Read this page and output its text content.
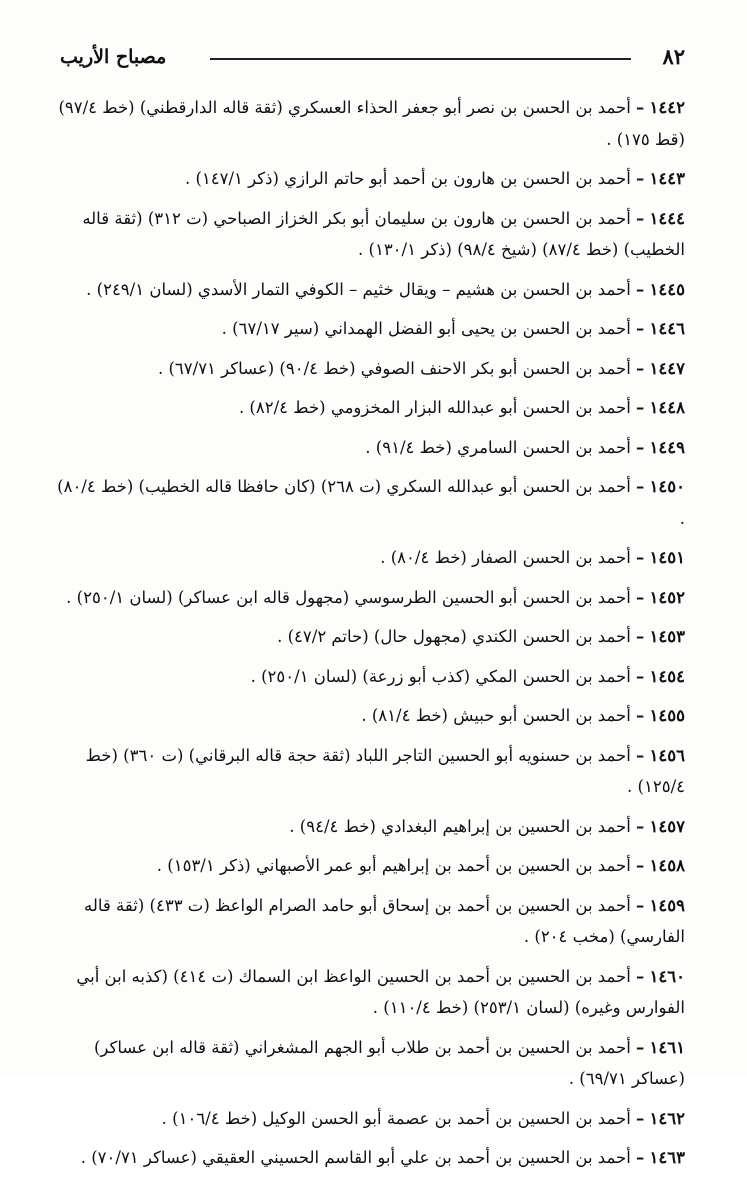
٨٢
مصباح الأريب

١٤٤٢ – أحمد بن الحسن بن نصر أبو جعفر الحذاء العسكري (ثقة قاله الدارقطني) (خط ٩٧/٤) (قط ١٧٥) .

١٤٤٣ – أحمد بن الحسن بن هارون بن أحمد أبو حاتم الرازي (ذكر ١٤٧/١) .

١٤٤٤ – أحمد بن الحسن بن هارون بن سليمان أبو بكر الخزاز الصباحي (ت ٣١٢) (ثقة قاله الخطيب) (خط ٨٧/٤) (شيخ ٩٨/٤) (ذكر ١٣٠/١) .

١٤٤٥ – أحمد بن الحسن بن هشيم – ويقال خثيم – الكوفي التمار الأسدي (لسان ٢٤٩/١) .

١٤٤٦ – أحمد بن الحسن بن يحيى أبو الفضل الهمداني (سير ٦٧/١٧) .

١٤٤٧ – أحمد بن الحسن أبو بكر الاحنف الصوفي (خط ٩٠/٤) (عساكر ٦٧/٧١) .

١٤٤٨ – أحمد بن الحسن أبو عبدالله البزار المخزومي (خط ٨٢/٤) .

١٤٤٩ – أحمد بن الحسن السامري (خط ٩١/٤) .

١٤٥٠ – أحمد بن الحسن أبو عبدالله السكري (ت ٢٦٨) (كان حافظا قاله الخطيب) (خط ٨٠/٤) .

١٤٥١ – أحمد بن الحسن الصفار (خط ٨٠/٤) .

١٤٥٢ – أحمد بن الحسن أبو الحسين الطرسوسي (مجهول قاله ابن عساكر) (لسان ٢٥٠/١) .

١٤٥٣ – أحمد بن الحسن الكندي (مجهول حال) (حاتم ٤٧/٢) .

١٤٥٤ – أحمد بن الحسن المكي (كذب أبو زرعة) (لسان ٢٥٠/١) .

١٤٥٥ – أحمد بن الحسن أبو حبيش (خط ٨١/٤) .

١٤٥٦ – أحمد بن حسنويه أبو الحسين التاجر اللباد (ثقة حجة قاله البرقاني) (ت ٣٦٠) (خط ١٢٥/٤) .

١٤٥٧ – أحمد بن الحسين بن إبراهيم البغدادي (خط ٩٤/٤) .

١٤٥٨ – أحمد بن الحسين بن أحمد بن إبراهيم أبو عمر الأصبهاني (ذكر ١٥٣/١) .

١٤٥٩ – أحمد بن الحسين بن أحمد بن إسحاق أبو حامد الصرام الواعظ (ت ٤٣٣) (ثقة قاله الفارسي) (مخب ٢٠٤) .

١٤٦٠ – أحمد بن الحسين بن أحمد بن الحسين الواعظ ابن السماك (ت ٤١٤) (كذبه ابن أبي الفوارس وغيره) (لسان ٢٥٣/١) (خط ١١٠/٤) .

١٤٦١ – أحمد بن الحسين بن أحمد بن طلاب أبو الجهم المشغراني (ثقة قاله ابن عساكر) (عساكر ٦٩/٧١) .

١٤٦٢ – أحمد بن الحسين بن أحمد بن عصمة أبو الحسن الوكيل (خط ١٠٦/٤) .

١٤٦٣ – أحمد بن الحسين بن أحمد بن علي أبو القاسم الحسيني العقيقي (عساكر ٧٠/٧١) .
